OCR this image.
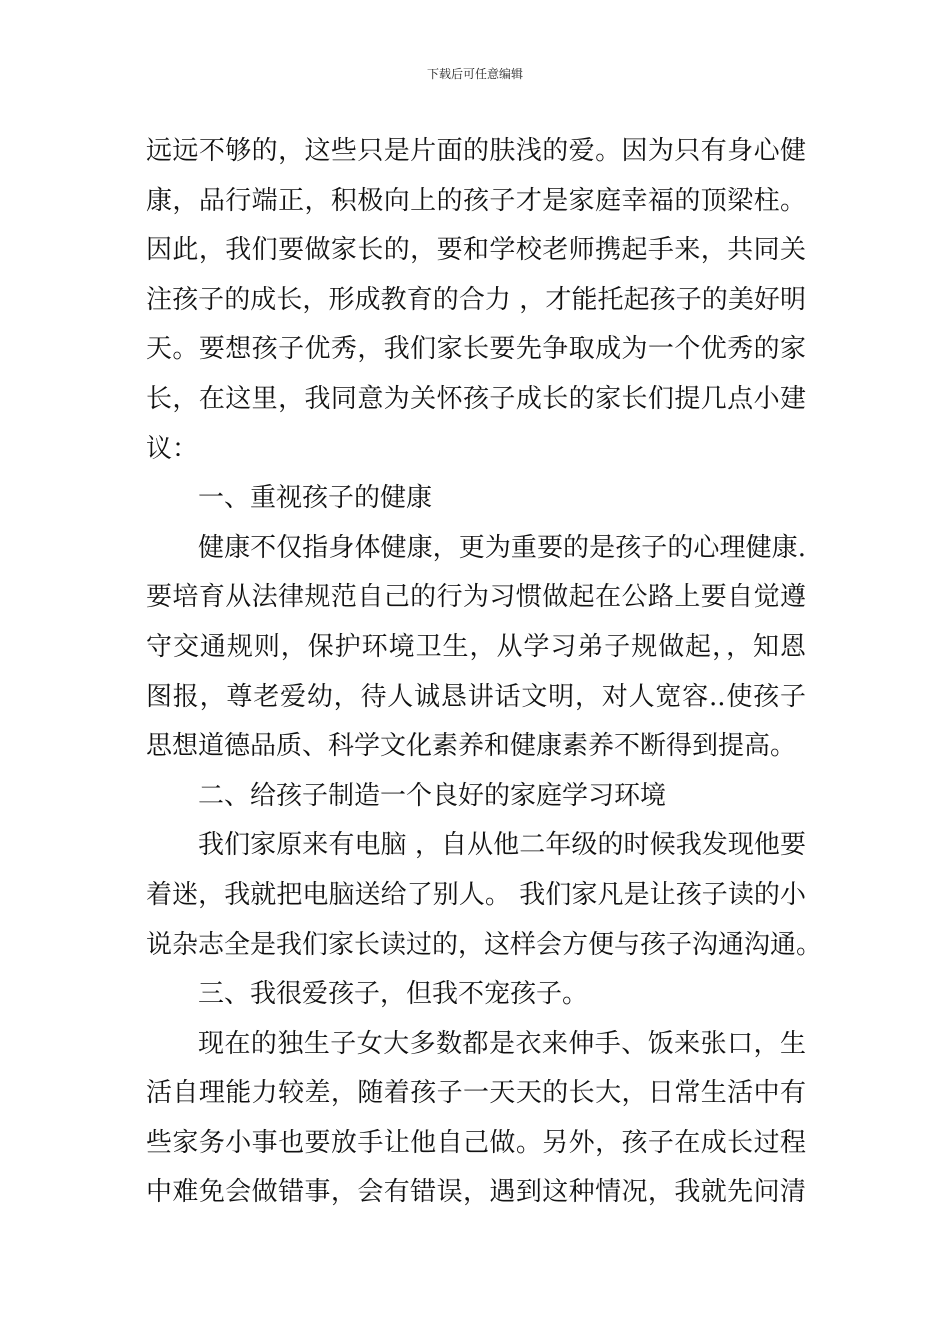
下载后可任意编辑
远远不够的，这些只是片面的肤浅的爱。因为只有身心健
康，品行端正，积极向上的孩子才是家庭幸福的顶梁柱。
因此，我们要做家长的，要和学校老师携起手来，共同关
注孩子的成长，形成教育的合力 ，才能托起孩子的美好明
天。要想孩子优秀，我们家长要先争取成为一个优秀的家
长，在这里，我同意为关怀孩子成长的家长们提几点小建
议：
一、重视孩子的健康
健康不仅指身体健康，更为重要的是孩子的心理健康.
要培育从法律规范自己的行为习惯做起在公路上要自觉遵
守交通规则，保护环境卫生，从学习弟子规做起，，知恩
图报，尊老爱幼，待人诚恳讲话文明，对人宽容..使孩子
思想道德品质、科学文化素养和健康素养不断得到提高。
二、给孩子制造一个良好的家庭学习环境
我们家原来有电脑 ，自从他二年级的时候我发现他要
着迷，我就把电脑送给了别人。 我们家凡是让孩子读的小
说杂志全是我们家长读过的，这样会方便与孩子沟通沟通。
三、我很爱孩子，但我不宠孩子。
现在的独生子女大多数都是衣来伸手、饭来张口，生
活自理能力较差，随着孩子一天天的长大，日常生活中有
些家务小事也要放手让他自己做。另外，孩子在成长过程
中难免会做错事，会有错误，遇到这种情况，我就先问清
